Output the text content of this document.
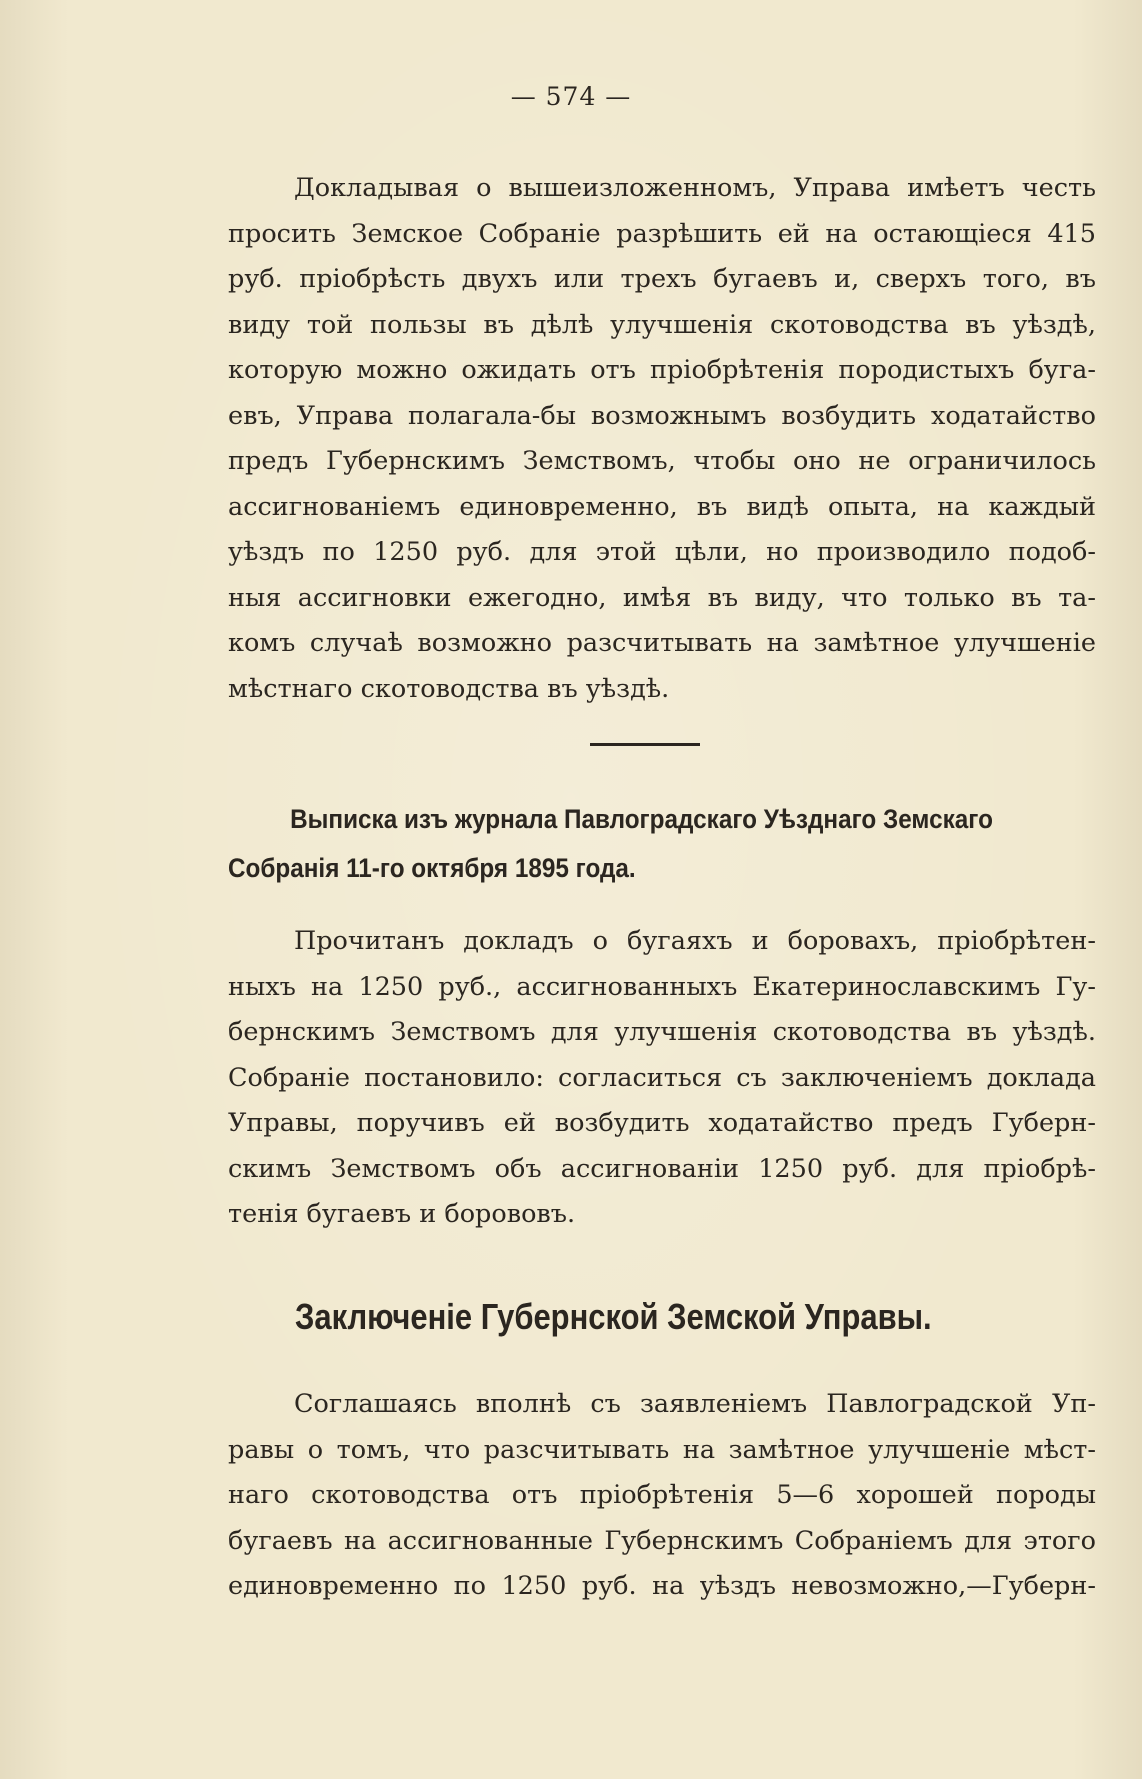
— 574 —
Докладывая о вышеизложенномъ, Управа имѣетъ честь
просить Земское Собраніе разрѣшить ей на остающіеся 415
руб. пріобрѣсть двухъ или трехъ бугаевъ и, сверхъ того, въ
виду той пользы въ дѣлѣ улучшенія скотоводства въ уѣздѣ,
которую можно ожидать отъ пріобрѣтенія породистыхъ буга-
евъ, Управа полагала-бы возможнымъ возбудить ходатайство
предъ Губернскимъ Земствомъ, чтобы оно не ограничилось
ассигнованіемъ единовременно, въ видѣ опыта, на каждый
уѣздъ по 1250 руб. для этой цѣли, но производило подоб-
ныя ассигновки ежегодно, имѣя въ виду, что только въ та-
комъ случаѣ возможно разсчитывать на замѣтное улучшеніе
мѣстнаго скотоводства въ уѣздѣ.
Выписка изъ журнала Павлоградскаго Уѣзднаго Земскаго
Собранія 11-го октября 1895 года.
Прочитанъ докладъ о бугаяхъ и боровахъ, пріобрѣтен-
ныхъ на 1250 руб., ассигнованныхъ Екатеринославскимъ Гу-
бернскимъ Земствомъ для улучшенія скотоводства въ уѣздѣ.
Собраніе постановило: согласиться съ заключеніемъ доклада
Управы, поручивъ ей возбудить ходатайство предъ Губерн-
скимъ Земствомъ объ ассигнованіи 1250 руб. для пріобрѣ-
тенія бугаевъ и борововъ.
Заключеніе Губернской Земской Управы.
Соглашаясь вполнѣ съ заявленіемъ Павлоградской Уп-
равы о томъ, что разсчитывать на замѣтное улучшеніе мѣст-
наго скотоводства отъ пріобрѣтенія 5—6 хорошей породы
бугаевъ на ассигнованные Губернскимъ Собраніемъ для этого
единовременно по 1250 руб. на уѣздъ невозможно,—Губерн-
